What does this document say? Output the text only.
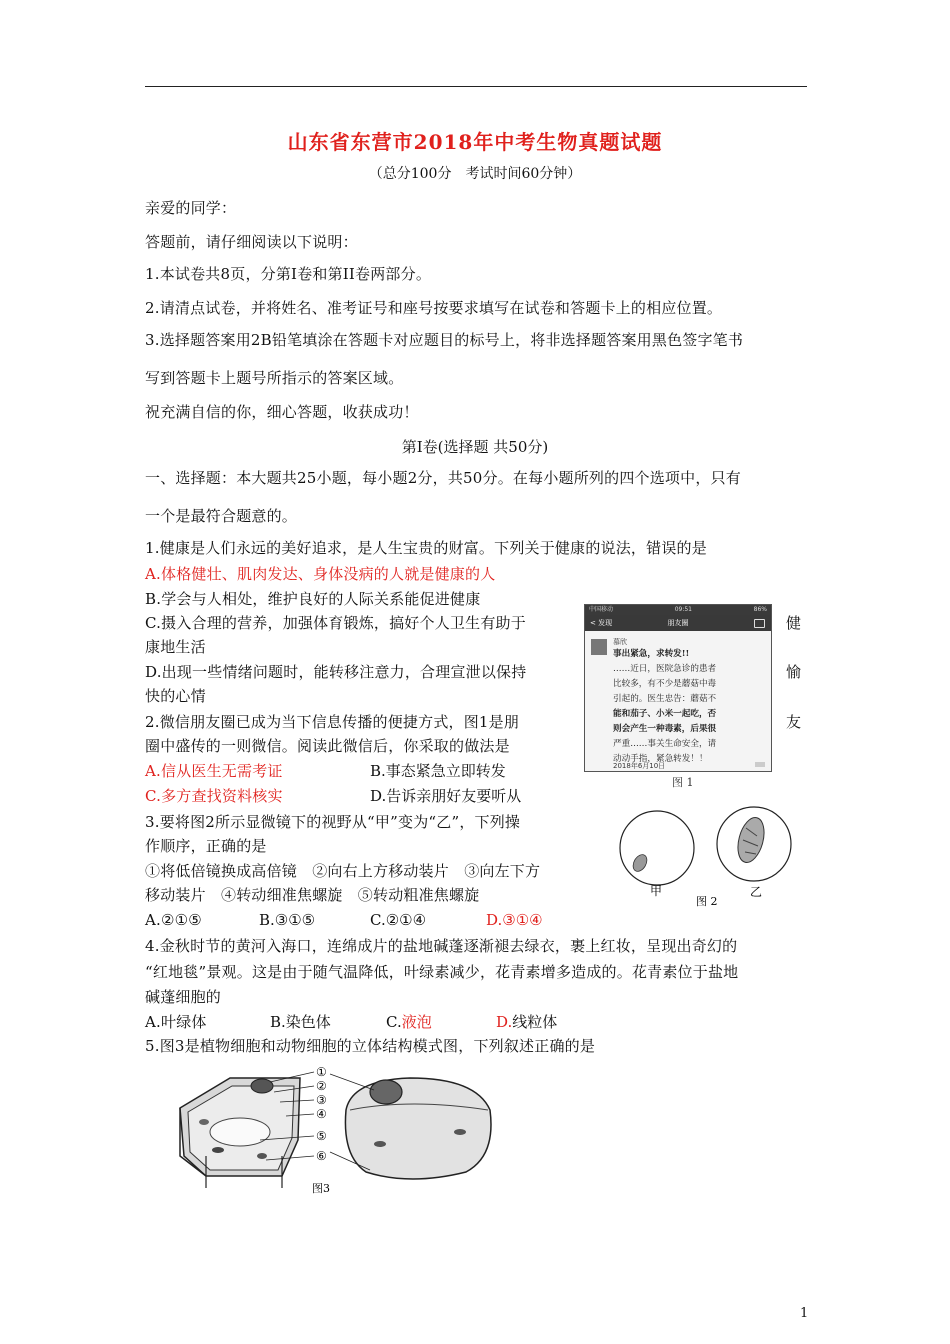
山东省东营市2018年中考生物真题试题
（总分100分　考试时间60分钟）
亲爱的同学：
答题前，请仔细阅读以下说明：
1.本试卷共8页，分第I卷和第II卷两部分。
2.请清点试卷，并将姓名、准考证号和座号按要求填写在试卷和答题卡上的相应位置。
3.选择题答案用2B铅笔填涂在答题卡对应题目的标号上，将非选择题答案用黑色签字笔书
写到答题卡上题号所指示的答案区域。
祝充满自信的你，细心答题，收获成功！
第Ⅰ卷(选择题 共50分)
一、选择题：本大题共25小题，每小题2分，共50分。在每小题所列的四个选项中，只有
一个是最符合题意的。
1.健康是人们永远的美好追求，是人生宝贵的财富。下列关于健康的说法，错误的是
A.体格健壮、肌肉发达、身体没病的人就是健康的人
B.学会与人相处，维护良好的人际关系能促进健康
C.摄入合理的营养，加强体育锻炼，搞好个人卫生有助于	健
康地生活
D.出现一些情绪问题时，能转移注意力，合理宣泄以保持	愉
快的心情
2.微信朋友圈已成为当下信息传播的便捷方式，图1是朋	友
圈中盛传的一则微信。阅读此微信后，你采取的做法是
A.信从医生无需考证	B.事态紧急立即转发
C.多方查找资料核实	D.告诉亲朋好友要听从
中国移动	09:51	86%
< 发现	朋友圈
慕欣
事出紧急，求转发!!
……近日，医院急诊的患者
比较多，有不少是蘑菇中毒
引起的。医生忠告：蘑菇不
能和茄子、小米一起吃，否
则会产生一种毒素，后果很
严重……事关生命安全，请
动动手指，紧急转发！！
2018年6月10日
图 1
3.要将图2所示显微镜下的视野从“甲”变为“乙”，下列操
作顺序，正确的是
①将低倍镜换成高倍镜　②向右上方移动装片　③向左下方
移动装片　④转动细准焦螺旋　⑤转动粗准焦螺旋
A.②①⑤	B.③①⑤	C.②①④	D.③①④
甲	乙
图 2
4.金秋时节的黄河入海口，连绵成片的盐地碱蓬逐渐褪去绿衣，裹上红妆，呈现出奇幻的
“红地毯”景观。这是由于随气温降低，叶绿素减少，花青素增多造成的。花青素位于盐地
碱蓬细胞的
A.叶绿体	B.染色体	C.液泡	D.线粒体
5.图3是植物细胞和动物细胞的立体结构模式图，下列叙述正确的是
①
②
③
④
⑤
⑥
图3
1
